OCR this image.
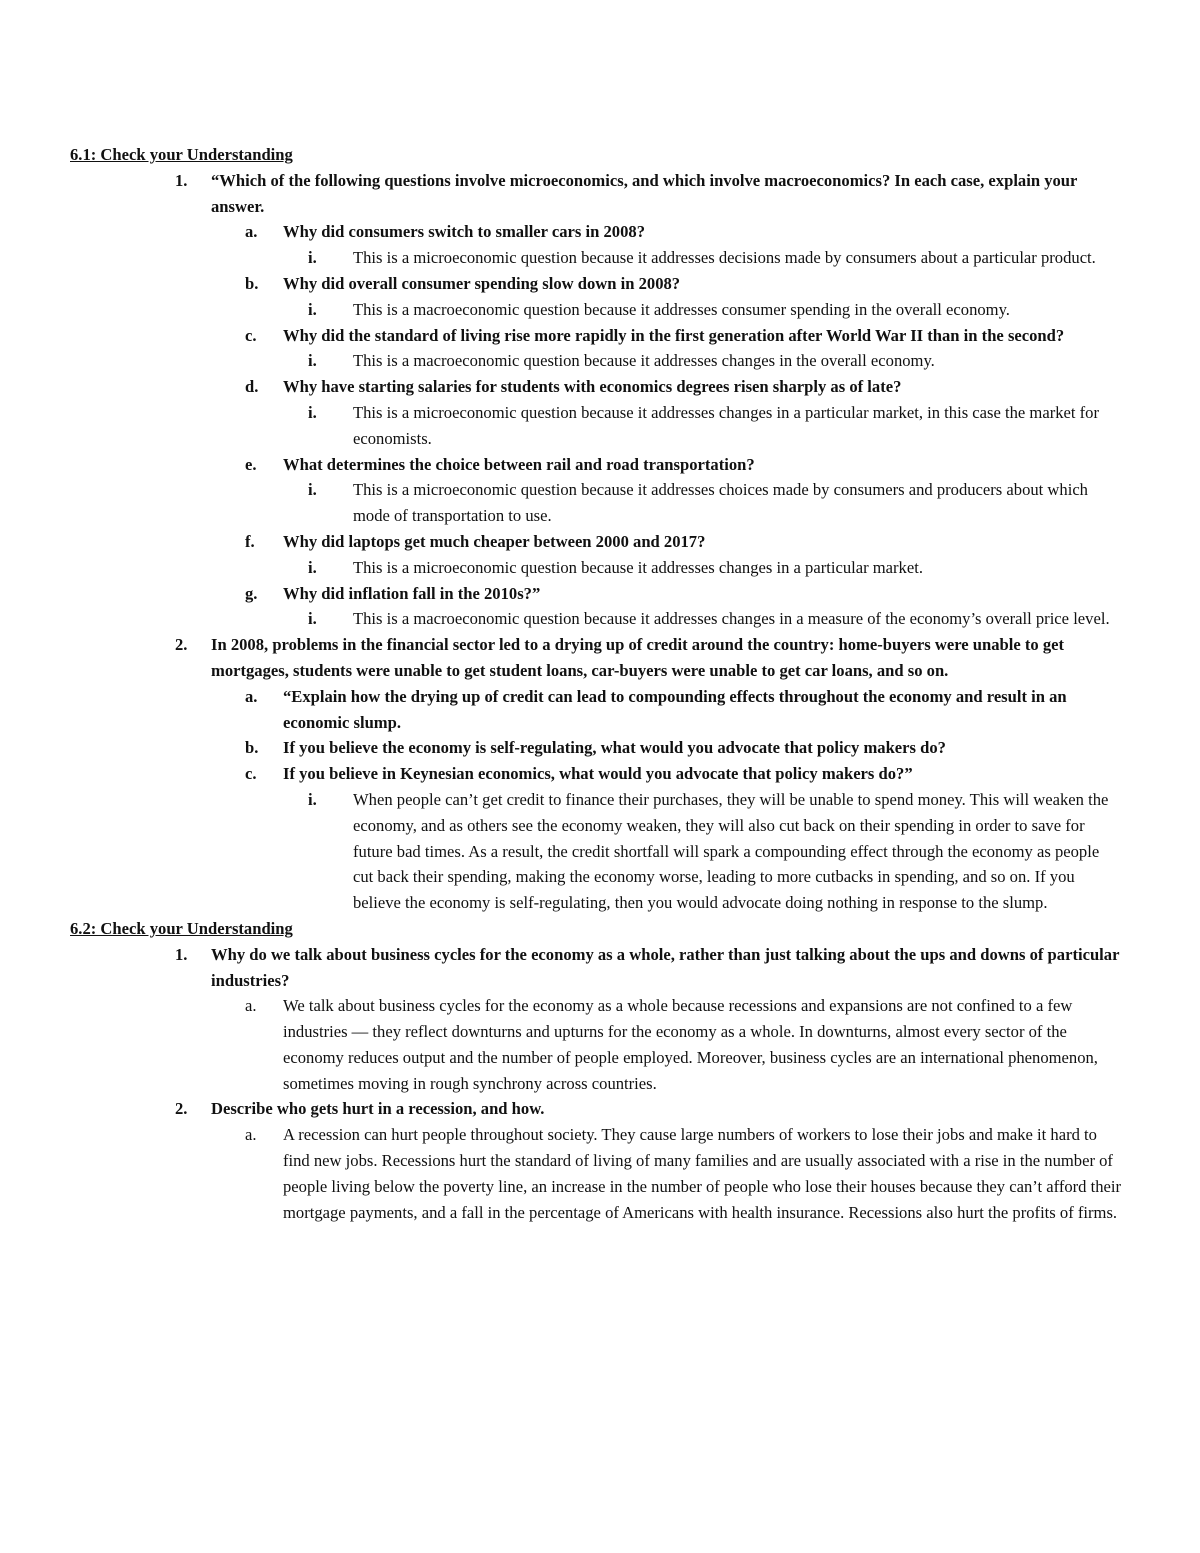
6.1: Check your Understanding
1. “Which of the following questions involve microeconomics, and which involve macroeconomics? In each case, explain your answer.
a. Why did consumers switch to smaller cars in 2008?
i. This is a microeconomic question because it addresses decisions made by consumers about a particular product.
b. Why did overall consumer spending slow down in 2008?
i. This is a macroeconomic question because it addresses consumer spending in the overall economy.
c. Why did the standard of living rise more rapidly in the first generation after World War II than in the second?
i. This is a macroeconomic question because it addresses changes in the overall economy.
d. Why have starting salaries for students with economics degrees risen sharply as of late?
i. This is a microeconomic question because it addresses changes in a particular market, in this case the market for economists.
e. What determines the choice between rail and road transportation?
i. This is a microeconomic question because it addresses choices made by consumers and producers about which mode of transportation to use.
f. Why did laptops get much cheaper between 2000 and 2017?
i. This is a microeconomic question because it addresses changes in a particular market.
g. Why did inflation fall in the 2010s?”
i. This is a macroeconomic question because it addresses changes in a measure of the economy’s overall price level.
2. In 2008, problems in the financial sector led to a drying up of credit around the country: home-buyers were unable to get mortgages, students were unable to get student loans, car-buyers were unable to get car loans, and so on.
a. “Explain how the drying up of credit can lead to compounding effects throughout the economy and result in an economic slump.
b. If you believe the economy is self-regulating, what would you advocate that policy makers do?
c. If you believe in Keynesian economics, what would you advocate that policy makers do?”
i. When people can’t get credit to finance their purchases, they will be unable to spend money. This will weaken the economy, and as others see the economy weaken, they will also cut back on their spending in order to save for future bad times. As a result, the credit shortfall will spark a compounding effect through the economy as people cut back their spending, making the economy worse, leading to more cutbacks in spending, and so on. If you believe the economy is self-regulating, then you would advocate doing nothing in response to the slump.
6.2: Check your Understanding
1. Why do we talk about business cycles for the economy as a whole, rather than just talking about the ups and downs of particular industries?
a. We talk about business cycles for the economy as a whole because recessions and expansions are not confined to a few industries — they reflect downturns and upturns for the economy as a whole. In downturns, almost every sector of the economy reduces output and the number of people employed. Moreover, business cycles are an international phenomenon, sometimes moving in rough synchrony across countries.
2. Describe who gets hurt in a recession, and how.
a. A recession can hurt people throughout society. They cause large numbers of workers to lose their jobs and make it hard to find new jobs. Recessions hurt the standard of living of many families and are usually associated with a rise in the number of people living below the poverty line, an increase in the number of people who lose their houses because they can’t afford their mortgage payments, and a fall in the percentage of Americans with health insurance. Recessions also hurt the profits of firms.
